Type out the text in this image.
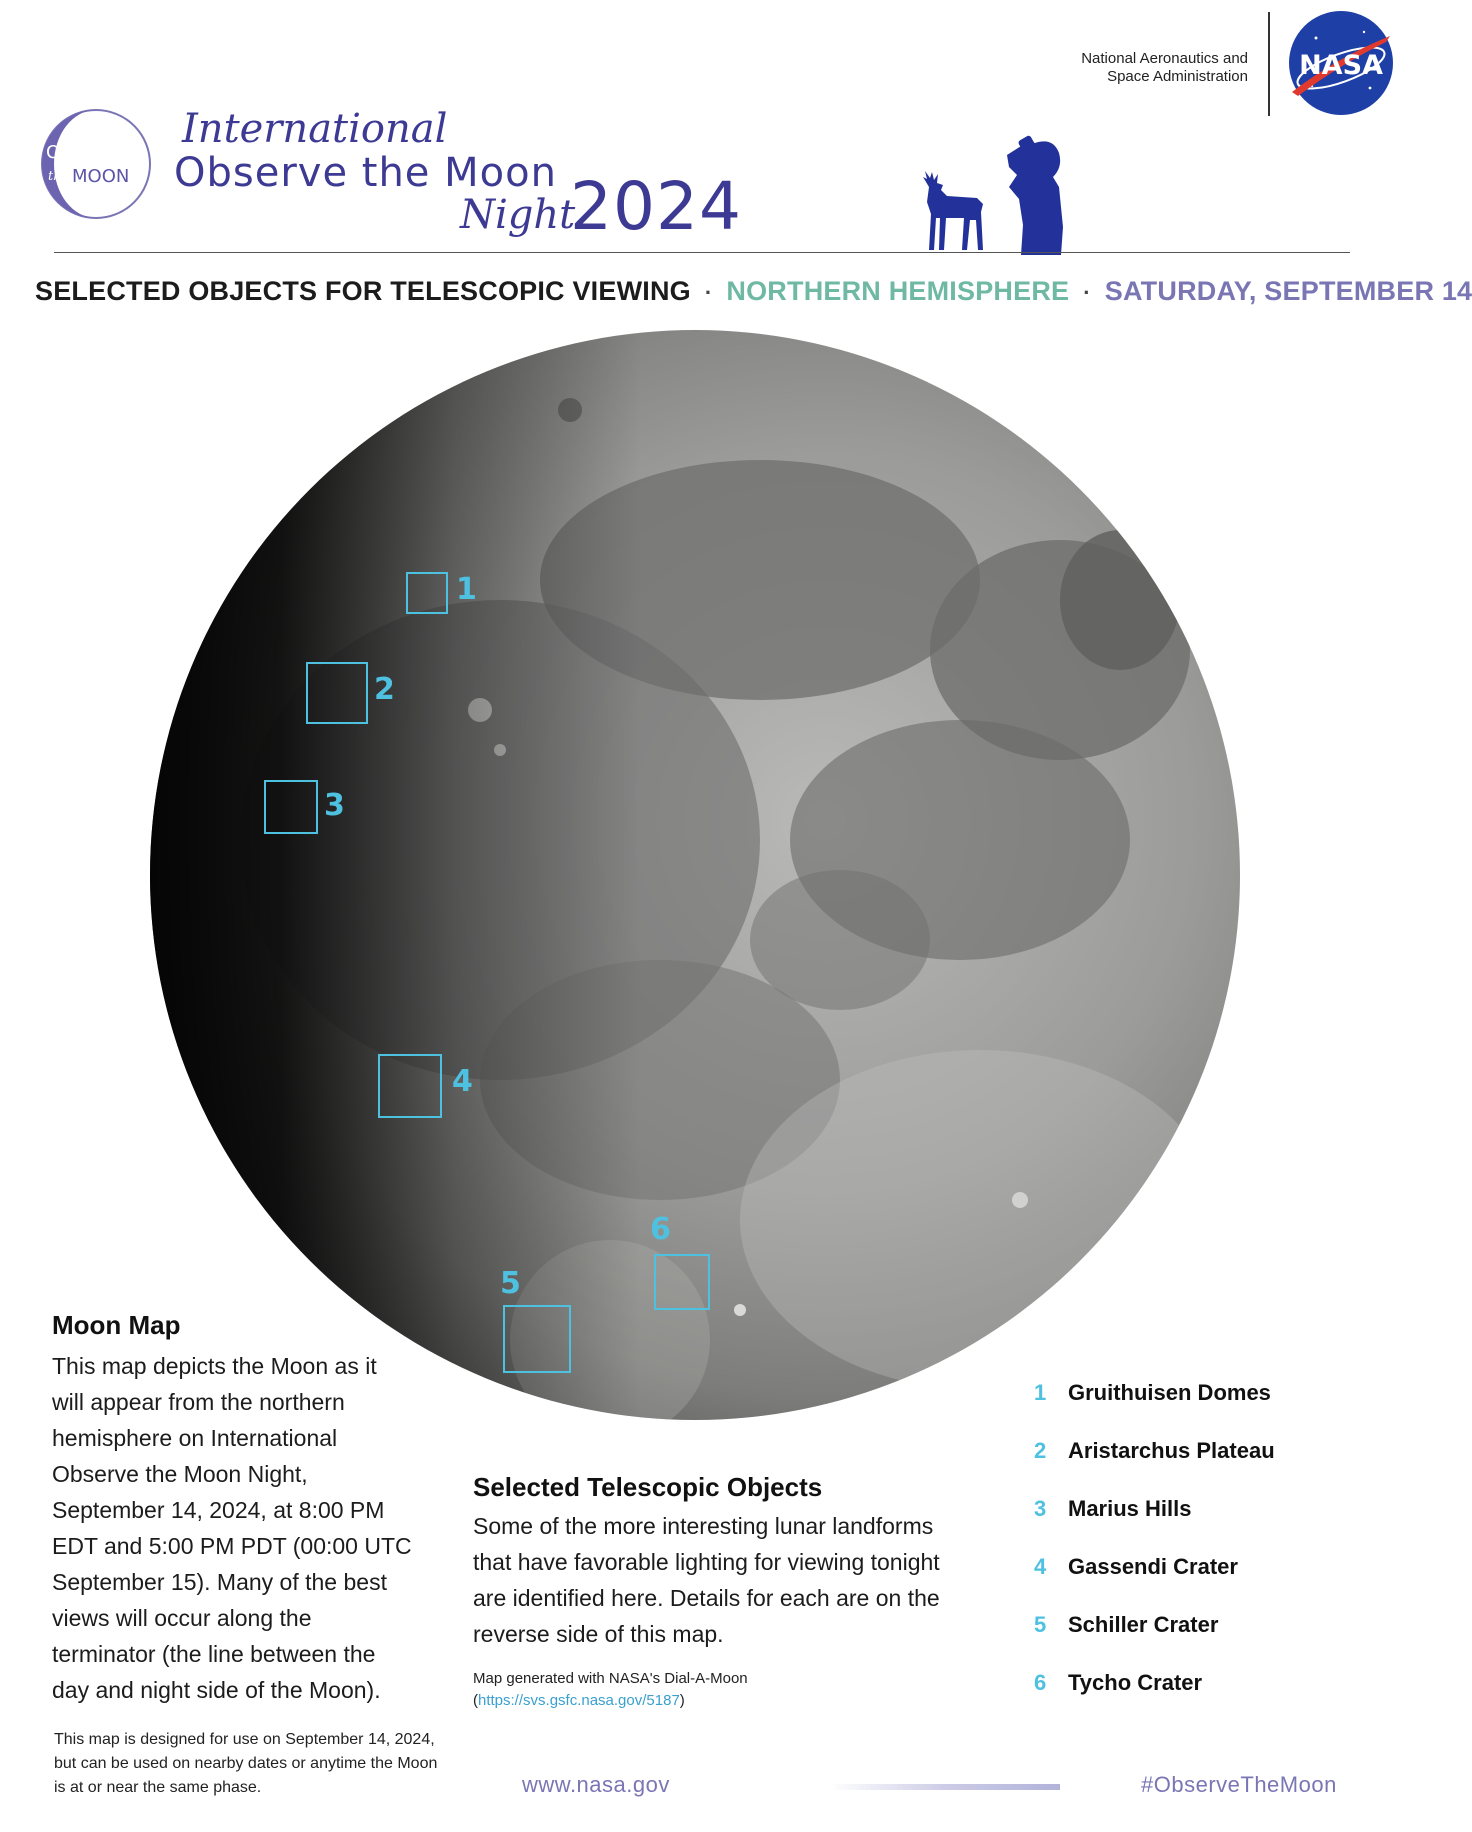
OBSERVE
the MOON
International
Observe the Moon
Night
2024
National Aeronautics and
Space Administration NASA
SELECTED OBJECTS FOR TELESCOPIC VIEWING · NORTHERN HEMISPHERE · SATURDAY, SEPTEMBER 14
1
2
3
4
5
6
Moon Map
This map depicts the Moon as it will appear from the northern hemisphere on International Observe the Moon Night, September 14, 2024, at 8:00 PM EDT and 5:00 PM PDT (00:00 UTC September 15). Many of the best views will occur along the terminator (the line between the day and night side of the Moon).
This map is designed for use on September 14, 2024, but can be used on nearby dates or anytime the Moon is at or near the same phase.
Selected Telescopic Objects
Some of the more interesting lunar landforms that have favorable lighting for viewing tonight are identified here. Details for each are on the reverse side of this map.
Map generated with NASA's Dial-A-Moon
(https://svs.gsfc.nasa.gov/5187)
1 Gruithuisen Domes
2 Aristarchus Plateau
3 Marius Hills
4 Gassendi Crater
5 Schiller Crater
6 Tycho Crater
www.nasa.gov	#ObserveTheMoon
